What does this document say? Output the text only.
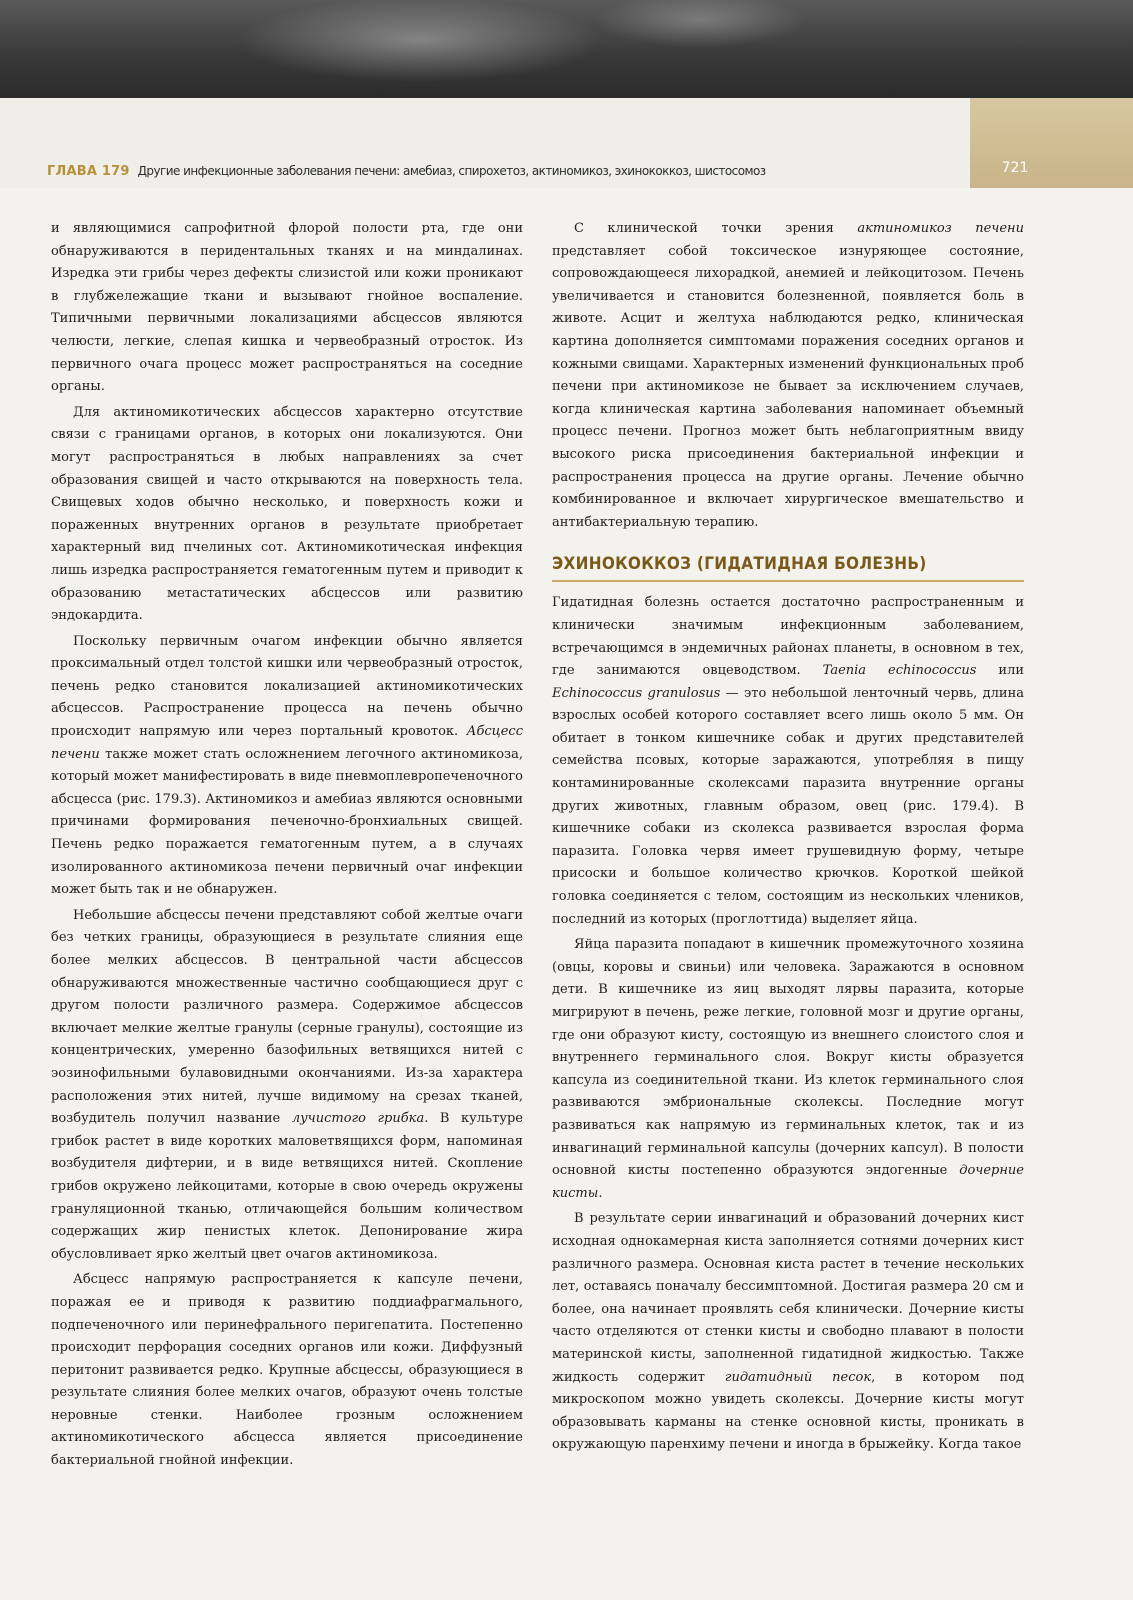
ГЛАВА 179 Другие инфекционные заболевания печени: амебиаз, спирохетоз, актиномикоз, эхинококкоз, шистосомоз	721

и являющимися сапрофитной флорой полости рта, где они обнаруживаются в перидентальных тканях и на миндалинах. Изредка эти грибы через дефекты слизистой или кожи проникают в глубжележащие ткани и вызывают гнойное воспаление. Типичными первичными локализациями абсцессов являются челюсти, легкие, слепая кишка и червеобразный отросток. Из первичного очага процесс может распространяться на соседние органы.

Для актиномикотических абсцессов характерно отсутствие связи с границами органов, в которых они локализуются. Они могут распространяться в любых направлениях за счет образования свищей и часто открываются на поверхность тела. Свищевых ходов обычно несколько, и поверхность кожи и пораженных внутренних органов в результате приобретает характерный вид пчелиных сот. Актиномикотическая инфекция лишь изредка распространяется гематогенным путем и приводит к образованию метастатических абсцессов или развитию эндокардита.

Поскольку первичным очагом инфекции обычно является проксимальный отдел толстой кишки или червеобразный отросток, печень редко становится локализацией актиномикотических абсцессов. Распространение процесса на печень обычно происходит напрямую или через портальный кровоток. Абсцесс печени также может стать осложнением легочного актиномикоза, который может манифестировать в виде пневмоплевропеченочного абсцесса (рис. 179.3). Актиномикоз и амебиаз являются основными причинами формирования печеночно-бронхиальных свищей. Печень редко поражается гематогенным путем, а в случаях изолированного актиномикоза печени первичный очаг инфекции может быть так и не обнаружен.

Небольшие абсцессы печени представляют собой желтые очаги без четких границы, образующиеся в результате слияния еще более мелких абсцессов. В центральной части абсцессов обнаруживаются множественные частично сообщающиеся друг с другом полости различного размера. Содержимое абсцессов включает мелкие желтые гранулы (серные гранулы), состоящие из концентрических, умеренно базофильных ветвящихся нитей с эозинофильными булавовидными окончаниями. Из-за характера расположения этих нитей, лучше видимому на срезах тканей, возбудитель получил название лучистого грибка. В культуре грибок растет в виде коротких маловетвящихся форм, напоминая возбудителя дифтерии, и в виде ветвящихся нитей. Скопление грибов окружено лейкоцитами, которые в свою очередь окружены грануляционной тканью, отличающейся большим количеством содержащих жир пенистых клеток. Депонирование жира обусловливает ярко желтый цвет очагов актиномикоза.

Абсцесс напрямую распространяется к капсуле печени, поражая ее и приводя к развитию поддиафрагмального, подпеченочного или перинефрального перигепатита. Постепенно происходит перфорация соседних органов или кожи. Диффузный перитонит развивается редко. Крупные абсцессы, образующиеся в результате слияния более мелких очагов, образуют очень толстые неровные стенки. Наиболее грозным осложнением актиномикотического абсцесса является присоединение бактериальной гнойной инфекции.

С клинической точки зрения актиномикоз печени представляет собой токсическое изнуряющее состояние, сопровождающееся лихорадкой, анемией и лейкоцитозом. Печень увеличивается и становится болезненной, появляется боль в животе. Асцит и желтуха наблюдаются редко, клиническая картина дополняется симптомами поражения соседних органов и кожными свищами. Характерных изменений функциональных проб печени при актиномикозе не бывает за исключением случаев, когда клиническая картина заболевания напоминает объемный процесс печени. Прогноз может быть неблагоприятным ввиду высокого риска присоединения бактериальной инфекции и распространения процесса на другие органы. Лечение обычно комбинированное и включает хирургическое вмешательство и антибактериальную терапию.

ЭХИНОКОККОЗ (ГИДАТИДНАЯ БОЛЕЗНЬ)

Гидатидная болезнь остается достаточно распространенным и клинически значимым инфекционным заболеванием, встречающимся в эндемичных районах планеты, в основном в тех, где занимаются овцеводством. Taenia echinococcus или Echinococcus granulosus — это небольшой ленточный червь, длина взрослых особей которого составляет всего лишь около 5 мм. Он обитает в тонком кишечнике собак и других представителей семейства псовых, которые заражаются, употребляя в пищу контаминированные сколексами паразита внутренние органы других животных, главным образом, овец (рис. 179.4). В кишечнике собаки из сколекса развивается взрослая форма паразита. Головка червя имеет грушевидную форму, четыре присоски и большое количество крючков. Короткой шейкой головка соединяется с телом, состоящим из нескольких члеников, последний из которых (проглоттида) выделяет яйца.

Яйца паразита попадают в кишечник промежуточного хозяина (овцы, коровы и свиньи) или человека. Заражаются в основном дети. В кишечнике из яиц выходят лярвы паразита, которые мигрируют в печень, реже легкие, головной мозг и другие органы, где они образуют кисту, состоящую из внешнего слоистого слоя и внутреннего герминального слоя. Вокруг кисты образуется капсула из соединительной ткани. Из клеток герминального слоя развиваются эмбриональные сколексы. Последние могут развиваться как напрямую из герминальных клеток, так и из инвагинаций герминальной капсулы (дочерних капсул). В полости основной кисты постепенно образуются эндогенные дочерние кисты.

В результате серии инвагинаций и образований дочерних кист исходная однокамерная киста заполняется сотнями дочерних кист различного размера. Основная киста растет в течение нескольких лет, оставаясь поначалу бессимптомной. Достигая размера 20 см и более, она начинает проявлять себя клинически. Дочерние кисты часто отделяются от стенки кисты и свободно плавают в полости материнской кисты, заполненной гидатидной жидкостью. Также жидкость содержит гидатидный песок, в котором под микроскопом можно увидеть сколексы. Дочерние кисты могут образовывать карманы на стенке основной кисты, проникать в окружающую паренхиму печени и иногда в брыжейку. Когда такое
